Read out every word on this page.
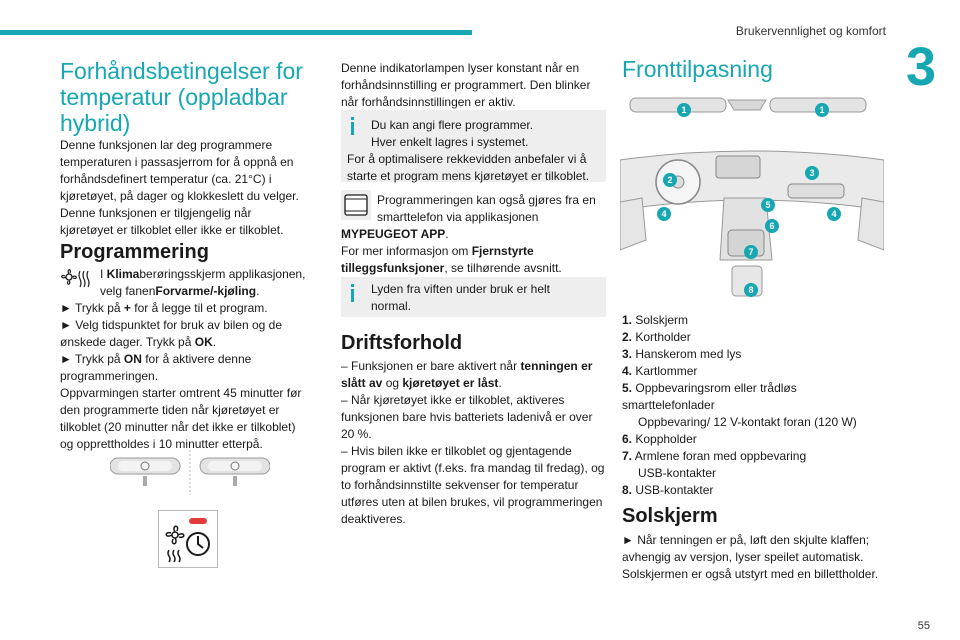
Brukervennlighet og komfort
3
Forhåndsbetingelser for temperatur (oppladbar hybrid)

Denne funksjonen lar deg programmere temperaturen i passasjerrom for å oppnå en forhåndsdefinert temperatur (ca. 21°C) i kjøretøyet, på dager og klokkeslett du velger. Denne funksjonen er tilgjengelig når kjøretøyet er tilkoblet eller ikke er tilkoblet.

Programmering

I Klimaberøringsskjerm applikasjonen, velg fanenForvarme/-kjøling.

► Trykk på + for å legge til et program.

► Velg tidspunktet for bruk av bilen og de ønskede dager. Trykk på OK.

► Trykk på ON for å aktivere denne programmeringen.

Oppvarmingen starter omtrent 45 minutter før den programmerte tiden når kjøretøyet er tilkoblet (20 minutter når det ikke er tilkoblet) og opprettholdes i 10 minutter etterpå.

Denne indikatorlampen lyser konstant når en forhåndsinnstilling er programmert. Den blinker når forhåndsinnstillingen er aktiv.

Du kan angi flere programmer.

Hver enkelt lagres i systemet.

For å optimalisere rekkevidden anbefaler vi å starte et program mens kjøretøyet er tilkoblet.

Programmeringen kan også gjøres fra en smarttelefon via applikasjonen

MYPEUGEOT APP.

For mer informasjon om Fjernstyrte tilleggsfunksjoner, se tilhørende avsnitt.

Lyden fra viften under bruk er helt normal.

Driftsforhold

– Funksjonen er bare aktivert når tenningen er slått av og kjøretøyet er låst.

– Når kjøretøyet ikke er tilkoblet, aktiveres funksjonen bare hvis batteriets ladenivå er over 20 %.

– Hvis bilen ikke er tilkoblet og gjentagende program er aktivt (f.eks. fra mandag til fredag), og to forhåndsinnstilte sekvenser for temperatur utføres uten at bilen brukes, vil programmeringen deaktiveres.

Fronttilpasning
1	1
2
3
4	4
5
6
7
8

1. Solskjerm

2. Kortholder

3. Hanskerom med lys

4. Kartlommer

5. Oppbevaringsrom eller trådløs smarttelefonlader

Oppbevaring/ 12 V-kontakt foran (120 W)

6. Koppholder

7. Armlene foran med oppbevaring

USB-kontakter

8. USB-kontakter

Solskjerm

► Når tenningen er på, løft den skjulte klaffen; avhengig av versjon, lyser speilet automatisk. Solskjermen er også utstyrt med en billettholder.

55
